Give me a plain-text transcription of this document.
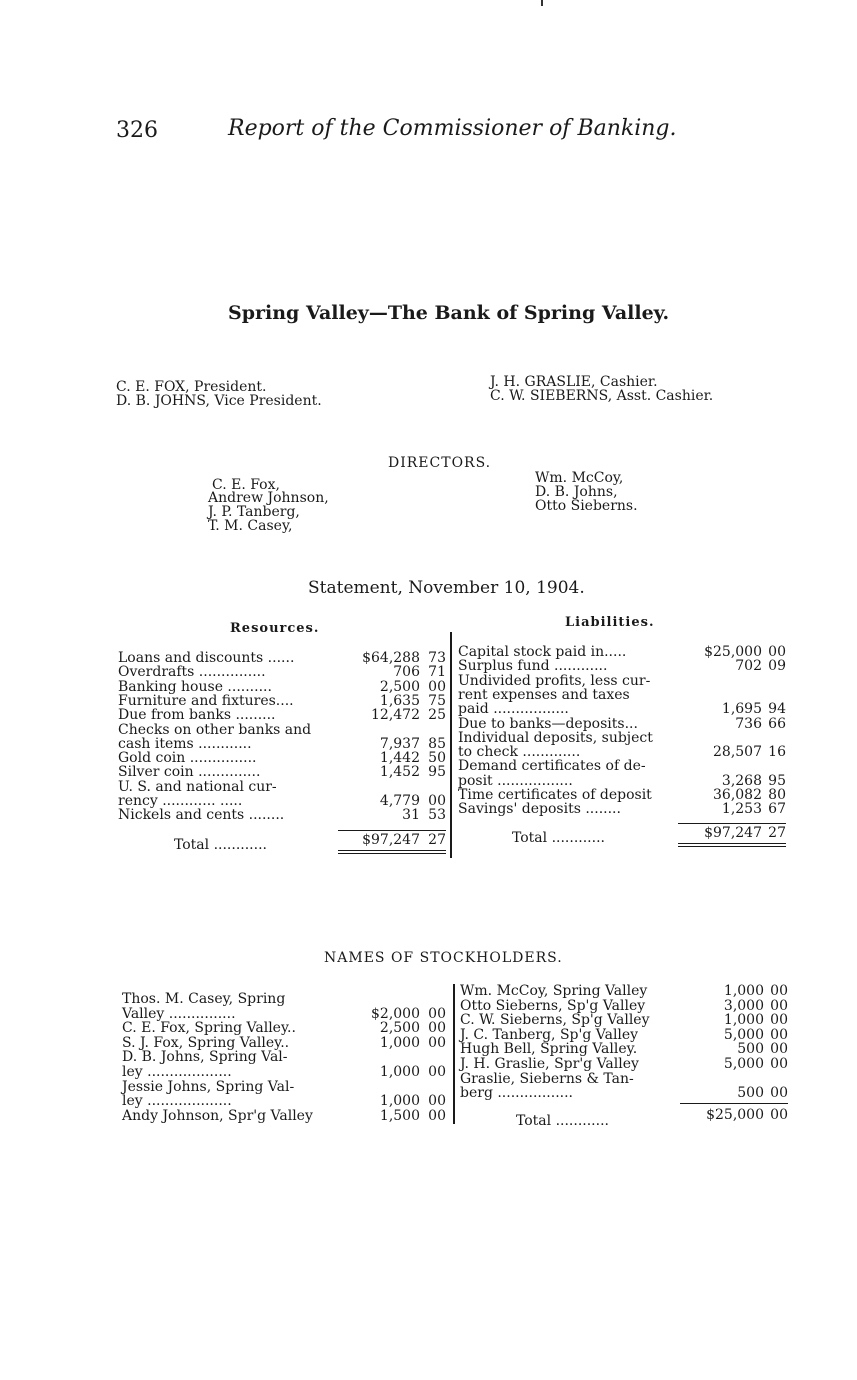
326	Report of the Commissioner of Banking.
Spring Valley—The Bank of Spring Valley.
C. E. FOX, President.
D. B. JOHNS, Vice President.
J. H. GRASLIE, Cashier.
C. W. SIEBERNS, Asst. Cashier.
DIRECTORS.
C. E. Fox,
Andrew Johnson,
J. P. Tanberg,
T. M. Casey,
Wm. McCoy,
D. B. Johns,
Otto Sieberns.
Statement, November 10, 1904.
Resources.	Liabilities.
Loans and discounts ......	$64,288 73
Overdrafts ...............	706 71
Banking house ..........	2,500 00
Furniture and fixtures....	1,635 75
Due from banks .........	12,472 25
Checks on other banks and
cash items ............	7,937 85
Gold coin ...............	1,442 50
Silver coin ..............	1,452 95
U. S. and national cur-
rency ............ .....	4,779 00
Nickels and cents ........	31 53
Capital stock paid in.....	$25,000 00
Surplus fund ............	702 09
Undivided profits, less cur-
rent expenses and taxes
paid .................	1,695 94
Due to banks—deposits...	736 66
Individual deposits, subject
to check .............	28,507 16
Demand certificates of de-
posit .................	3,268 95
Time certificates of deposit	36,082 80
Savings' deposits ........	1,253 67
Total ............	$97,247 27	Total ............	$97,247 27
NAMES OF STOCKHOLDERS.
Thos. M. Casey, Spring
Valley ...............	$2,000 00
C. E. Fox, Spring Valley..	2,500 00
S. J. Fox, Spring Valley..	1,000 00
D. B. Johns, Spring Val-
ley ...................	1,000 00
Jessie Johns, Spring Val-
ley ...................	1,000 00
Andy Johnson, Spr'g Valley	1,500 00
Wm. McCoy, Spring Valley	1,000 00
Otto Sieberns, Sp'g Valley	3,000 00
C. W. Sieberns, Sp'g Valley	1,000 00
J. C. Tanberg, Sp'g Valley	5,000 00
Hugh Bell, Spring Valley.	500 00
J. H. Graslie, Spr'g Valley	5,000 00
Graslie, Sieberns & Tan-
berg .................	500 00
Total ............	$25,000 00
